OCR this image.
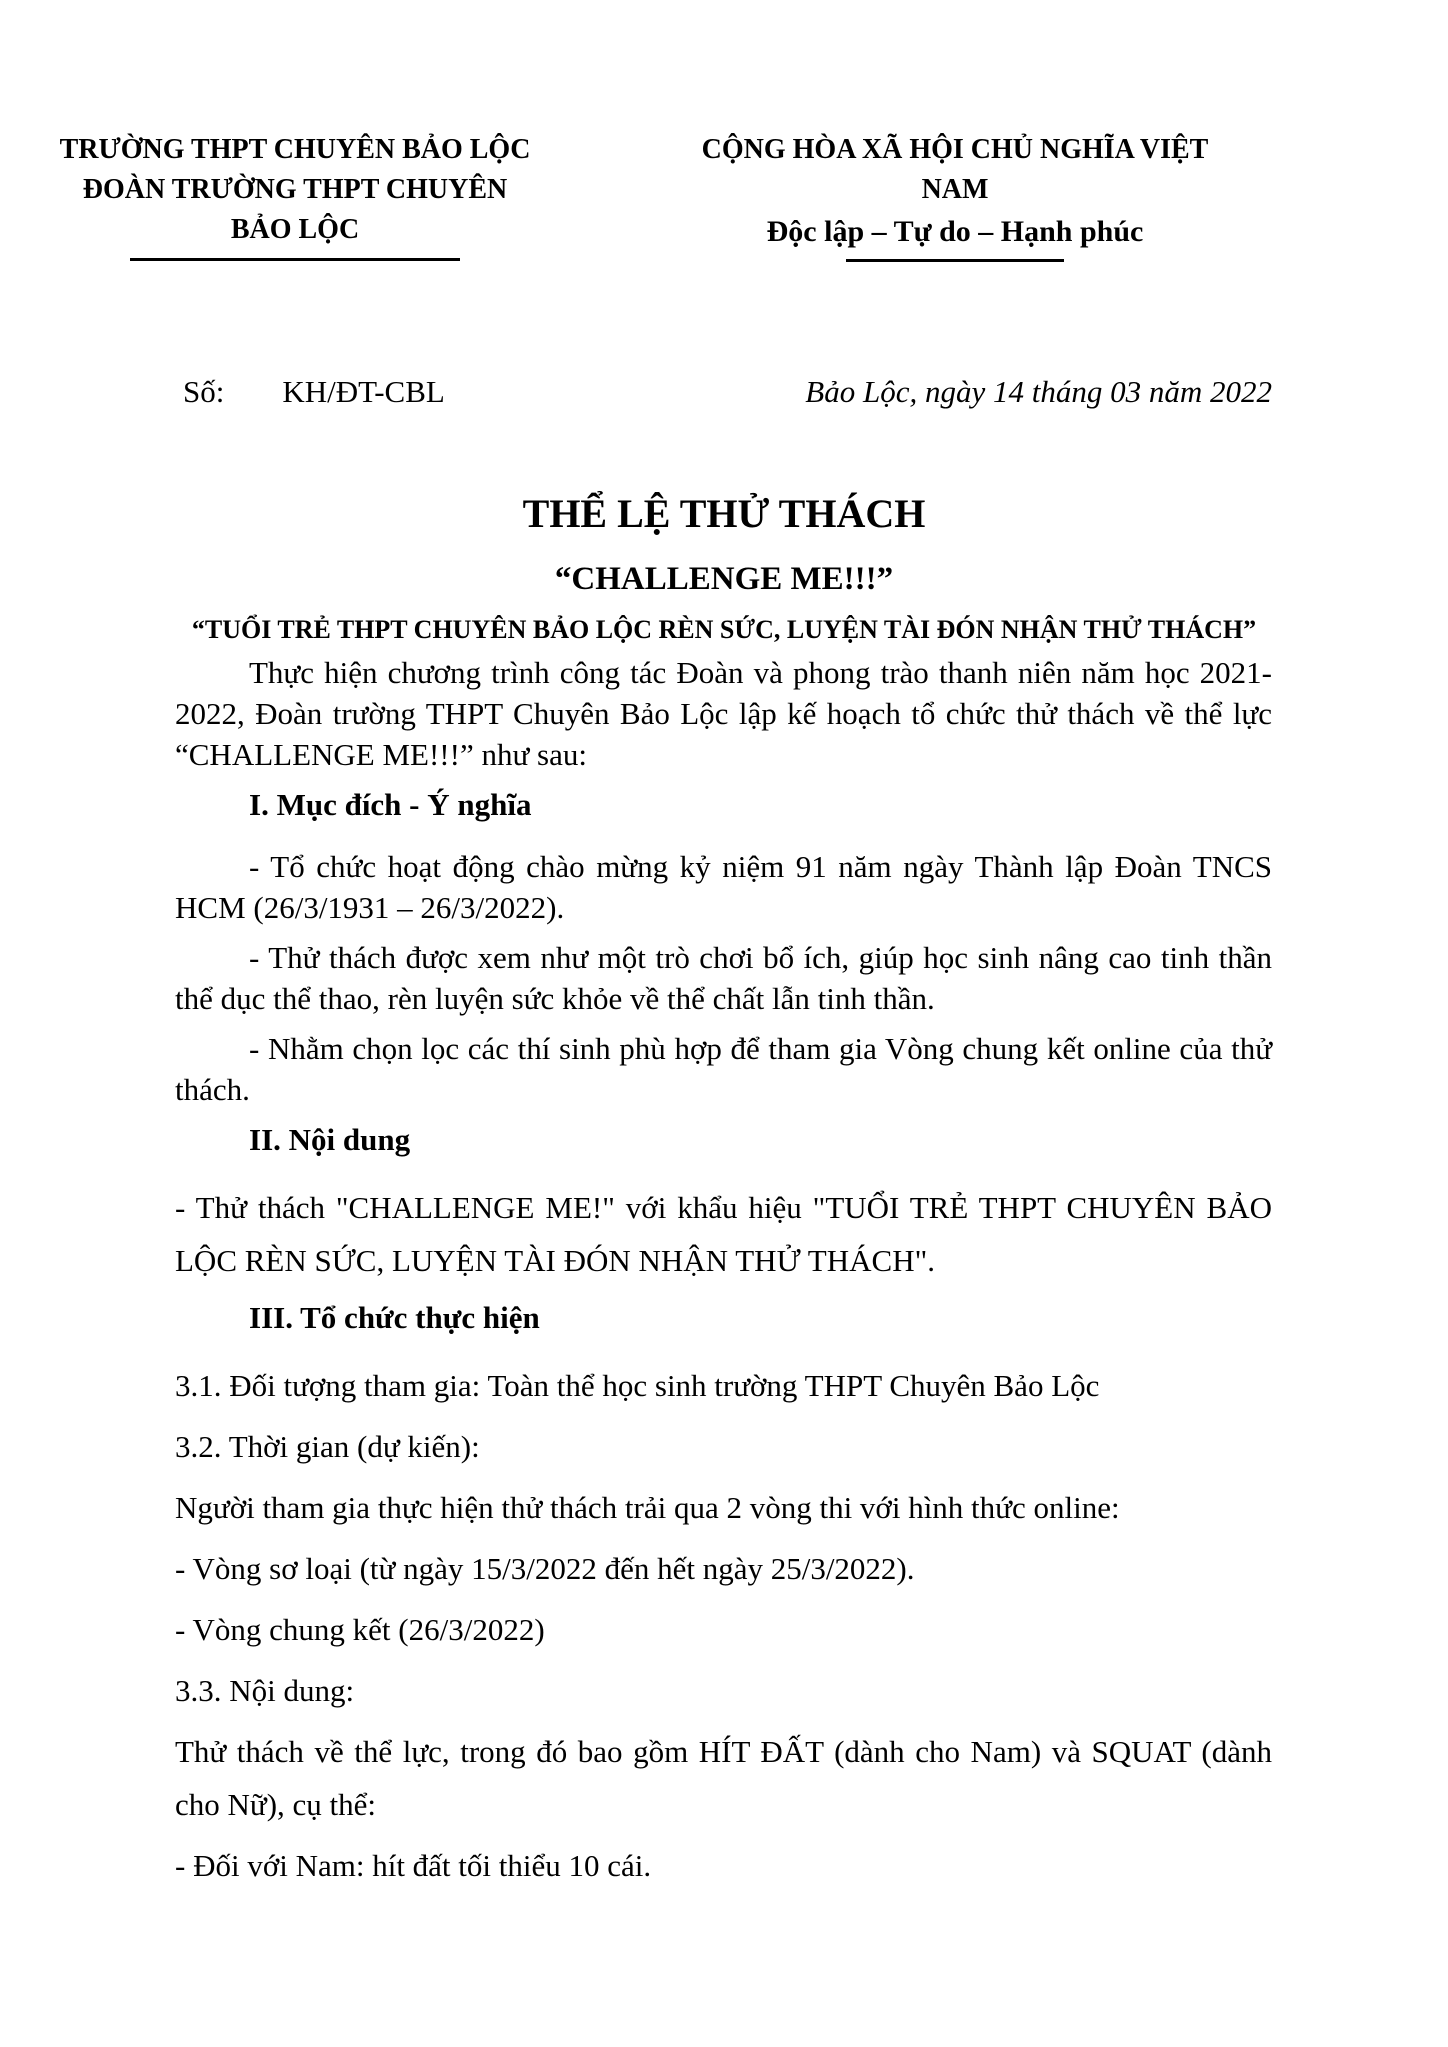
TRƯỜNG THPT CHUYÊN BẢO LỘC
ĐOÀN TRƯỜNG THPT CHUYÊN BẢO LỘC
CỘNG HÒA XÃ HỘI CHỦ NGHĨA VIỆT NAM
Độc lập – Tự do – Hạnh phúc
Số: KH/ĐT-CBL	Bảo Lộc, ngày 14 tháng 03 năm 2022
THỂ LỆ THỬ THÁCH
“CHALLENGE ME!!!”
“TUỔI TRẺ THPT CHUYÊN BẢO LỘC RÈN SỨC, LUYỆN TÀI ĐÓN NHẬN THỬ THÁCH”

Thực hiện chương trình công tác Đoàn và phong trào thanh niên năm học 2021-2022, Đoàn trường THPT Chuyên Bảo Lộc lập kế hoạch tổ chức thử thách về thể lực “CHALLENGE ME!!!” như sau:

I. Mục đích - Ý nghĩa

- Tổ chức hoạt động chào mừng kỷ niệm 91 năm ngày Thành lập Đoàn TNCS HCM (26/3/1931 – 26/3/2022).

- Thử thách được xem như một trò chơi bổ ích, giúp học sinh nâng cao tinh thần thể dục thể thao, rèn luyện sức khỏe về thể chất lẫn tinh thần.

- Nhằm chọn lọc các thí sinh phù hợp để tham gia Vòng chung kết online của thử thách.

II. Nội dung

- Thử thách "CHALLENGE ME!" với khẩu hiệu "TUỔI TRẺ THPT CHUYÊN BẢO LỘC RÈN SỨC, LUYỆN TÀI ĐÓN NHẬN THỬ THÁCH".

III. Tổ chức thực hiện

3.1. Đối tượng tham gia: Toàn thể học sinh trường THPT Chuyên Bảo Lộc

3.2. Thời gian (dự kiến):

Người tham gia thực hiện thử thách trải qua 2 vòng thi với hình thức online:

- Vòng sơ loại (từ ngày 15/3/2022 đến hết ngày 25/3/2022).

- Vòng chung kết (26/3/2022)

3.3. Nội dung:

Thử thách về thể lực, trong đó bao gồm HÍT ĐẤT (dành cho Nam) và SQUAT (dành cho Nữ), cụ thể:

- Đối với Nam: hít đất tối thiểu 10 cái.
